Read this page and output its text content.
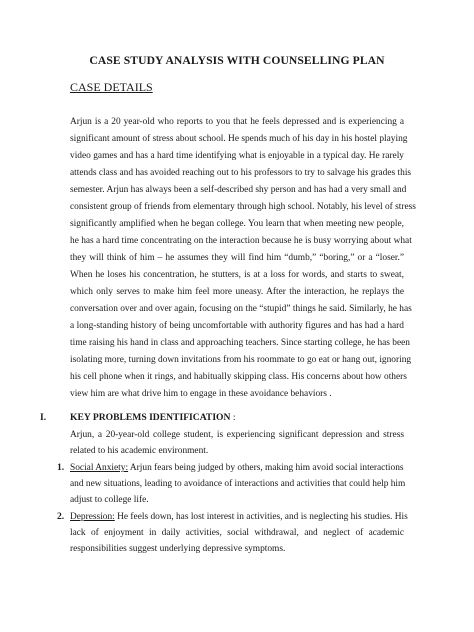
CASE STUDY ANALYSIS WITH COUNSELLING PLAN
CASE DETAILS
Arjun is a 20 year-old who reports to you that he feels depressed and is experiencing a
significant amount of stress about school. He spends much of his day in his hostel playing
video games and has a hard time identifying what is enjoyable in a typical day. He rarely
attends class and has avoided reaching out to his professors to try to salvage his grades this
semester. Arjun has always been a self-described shy person and has had a very small and
consistent group of friends from elementary through high school. Notably, his level of stress
significantly amplified when he began college. You learn that when meeting new people,
he has a hard time concentrating on the interaction because he is busy worrying about what
they will think of him – he assumes they will find him “dumb,” “boring,” or a “loser.”
When he loses his concentration, he stutters, is at a loss for words, and starts to sweat,
which only serves to make him feel more uneasy. After the interaction, he replays the
conversation over and over again, focusing on the “stupid” things he said. Similarly, he has
a long-standing history of being uncomfortable with authority figures and has had a hard
time raising his hand in class and approaching teachers. Since starting college, he has been
isolating more, turning down invitations from his roommate to go eat or hang out, ignoring
his cell phone when it rings, and habitually skipping class. His concerns about how others
view him are what drive him to engage in these avoidance behaviors .
I. KEY PROBLEMS IDENTIFICATION :
Arjun, a 20-year-old college student, is experiencing significant depression and stress
related to his academic environment.
1. Social Anxiety: Arjun fears being judged by others, making him avoid social interactions
and new situations, leading to avoidance of interactions and activities that could help him
adjust to college life.
2. Depression: He feels down, has lost interest in activities, and is neglecting his studies. His
lack of enjoyment in daily activities, social withdrawal, and neglect of academic
responsibilities suggest underlying depressive symptoms.
